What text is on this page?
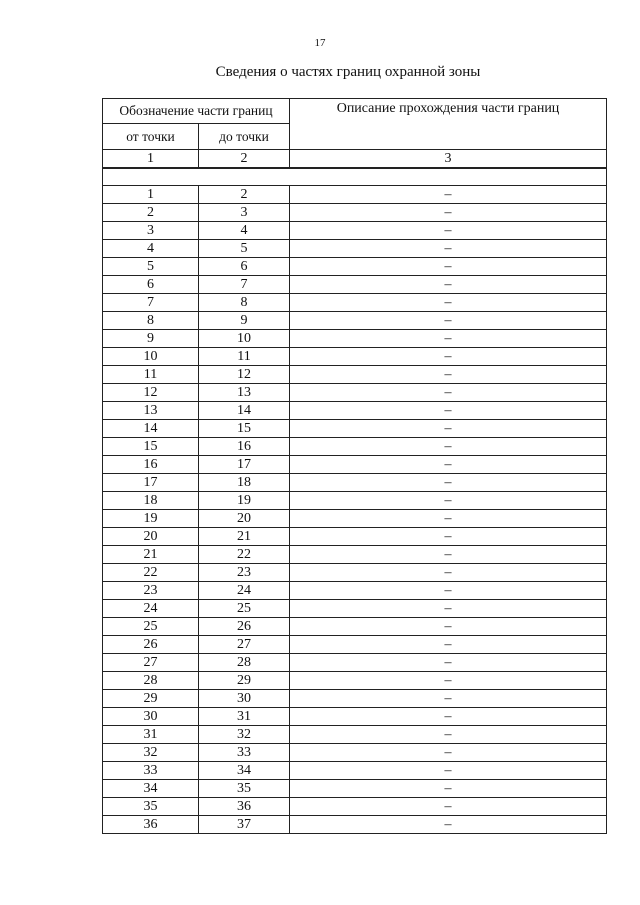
17
Сведения о частях границ охранной зоны
Обозначение части границ		Описание прохождения части границ
от точки	до точки	
1	2	3

1	2	–
2	3	–
3	4	–
4	5	–
5	6	–
6	7	–
7	8	–
8	9	–
9	10	–
10	11	–
11	12	–
12	13	–
13	14	–
14	15	–
15	16	–
16	17	–
17	18	–
18	19	–
19	20	–
20	21	–
21	22	–
22	23	–
23	24	–
24	25	–
25	26	–
26	27	–
27	28	–
28	29	–
29	30	–
30	31	–
31	32	–
32	33	–
33	34	–
34	35	–
35	36	–
36	37	–
